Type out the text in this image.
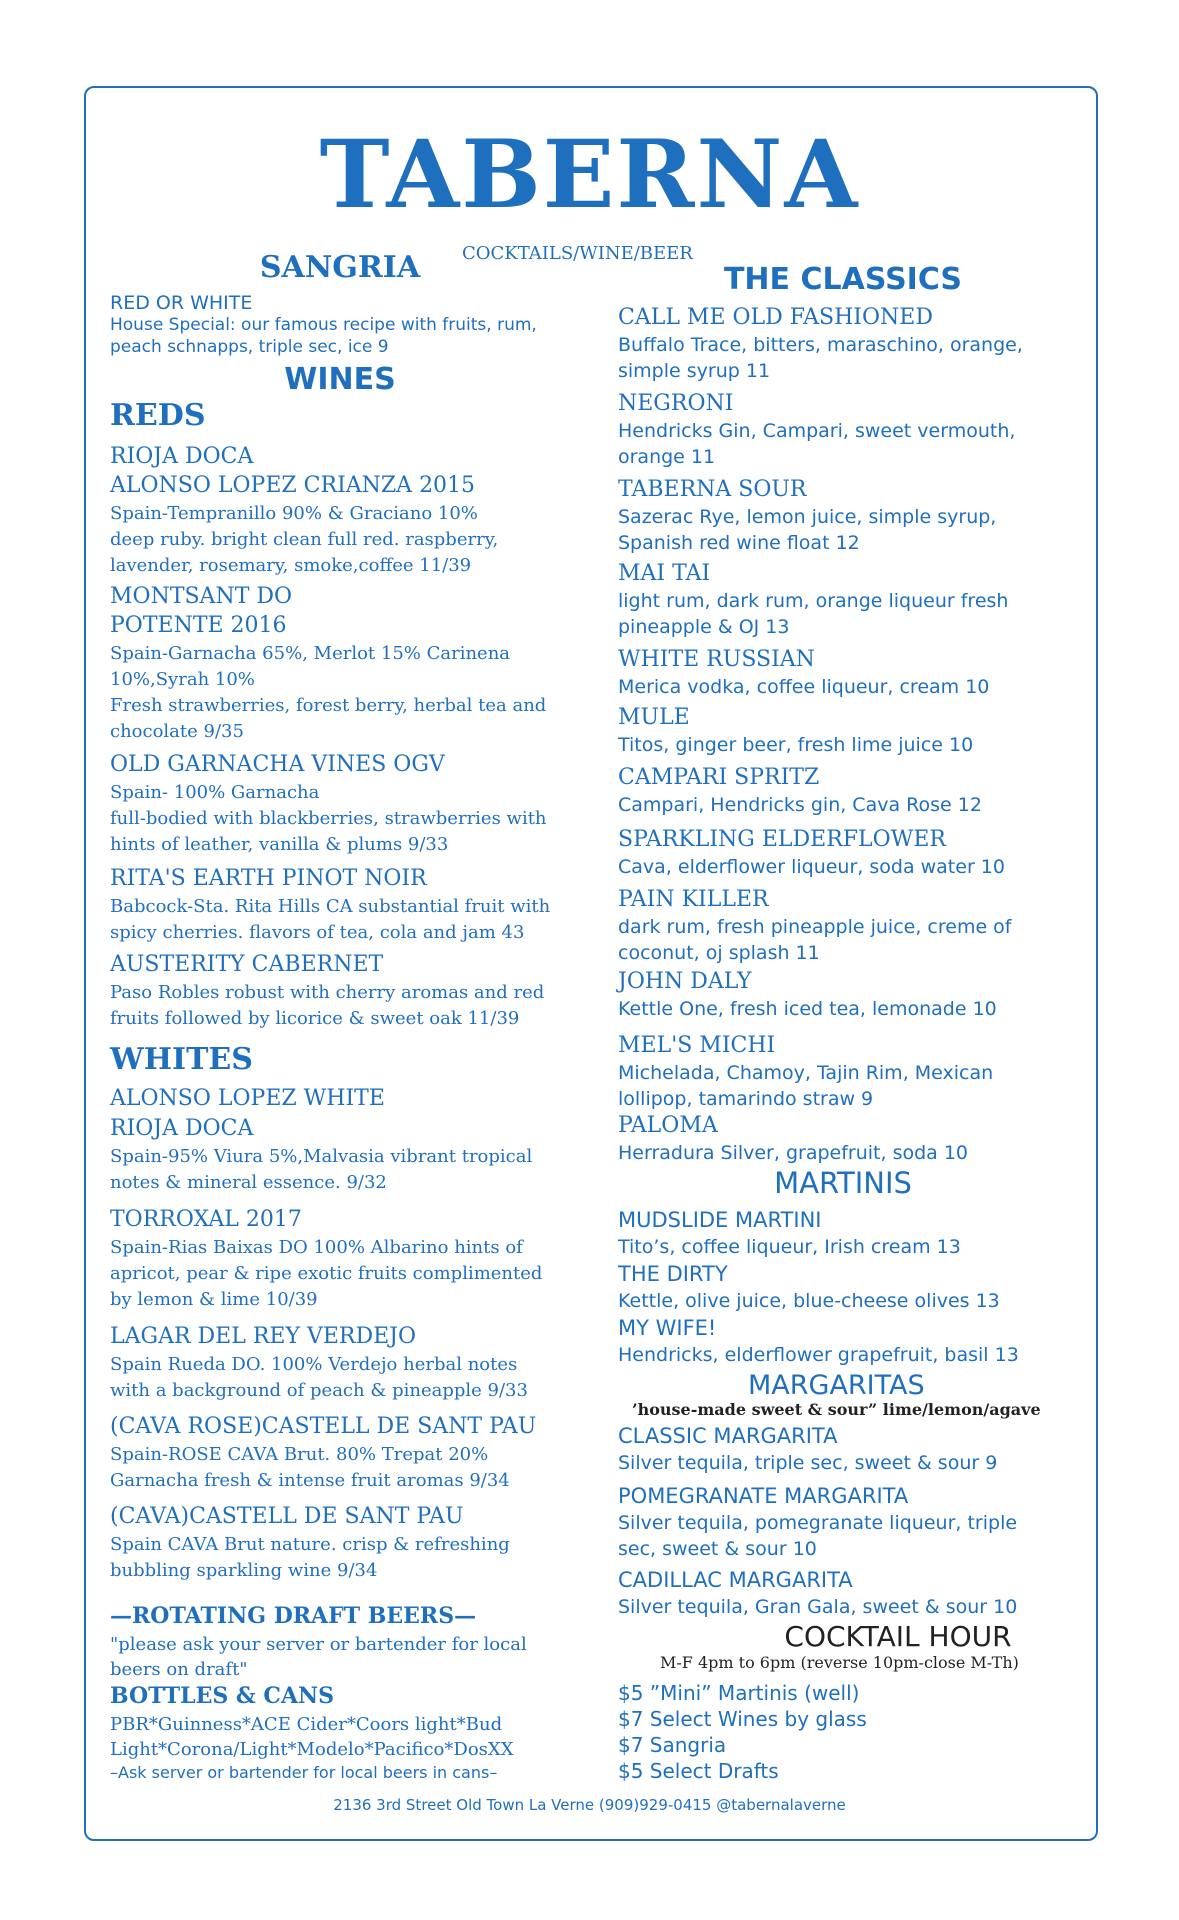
TABERNA
COCKTAILS/WINE/BEER
SANGRIA
RED OR WHITE
House Special: our famous recipe with fruits, rum,
peach schnapps, triple sec, ice 9
WINES
REDS
RIOJA DOCA
ALONSO LOPEZ CRIANZA 2015
Spain-Tempranillo 90% & Graciano 10%
deep ruby. bright clean full red. raspberry,
lavender, rosemary, smoke,coffee 11/39
MONTSANT DO
POTENTE 2016
Spain-Garnacha 65%, Merlot 15% Carinena
10%,Syrah 10%
Fresh strawberries, forest berry, herbal tea and
chocolate 9/35
OLD GARNACHA VINES OGV
Spain- 100% Garnacha
full-bodied with blackberries, strawberries with
hints of leather, vanilla & plums 9/33
RITA'S EARTH PINOT NOIR
Babcock-Sta. Rita Hills CA substantial fruit with
spicy cherries. flavors of tea, cola and jam 43
AUSTERITY CABERNET
Paso Robles robust with cherry aromas and red
fruits followed by licorice & sweet oak 11/39
WHITES
ALONSO LOPEZ WHITE
RIOJA DOCA
Spain-95% Viura 5%,Malvasia vibrant tropical
notes & mineral essence. 9/32
TORROXAL 2017
Spain-Rias Baixas DO 100% Albarino hints of
apricot, pear & ripe exotic fruits complimented
by lemon & lime 10/39
LAGAR DEL REY VERDEJO
Spain Rueda DO. 100% Verdejo herbal notes
with a background of peach & pineapple 9/33
(CAVA ROSE)CASTELL DE SANT PAU
Spain-ROSE CAVA Brut. 80% Trepat 20%
Garnacha fresh & intense fruit aromas 9/34
(CAVA)CASTELL DE SANT PAU
Spain CAVA Brut nature. crisp & refreshing
bubbling sparkling wine 9/34
—ROTATING DRAFT BEERS—
"please ask your server or bartender for local
beers on draft"
BOTTLES & CANS
PBR*Guinness*ACE Cider*Coors light*Bud
Light*Corona/Light*Modelo*Pacifico*DosXX
–Ask server or bartender for local beers in cans–
THE CLASSICS
CALL ME OLD FASHIONED
Buffalo Trace, bitters, maraschino, orange,
simple syrup 11
NEGRONI
Hendricks Gin, Campari, sweet vermouth,
orange 11
TABERNA SOUR
Sazerac Rye, lemon juice, simple syrup,
Spanish red wine float 12
MAI TAI
light rum, dark rum, orange liqueur fresh
pineapple & OJ 13
WHITE RUSSIAN
Merica vodka, coffee liqueur, cream 10
MULE
Titos, ginger beer, fresh lime juice 10
CAMPARI SPRITZ
Campari, Hendricks gin, Cava Rose 12
SPARKLING ELDERFLOWER
Cava, elderflower liqueur, soda water 10
PAIN KILLER
dark rum, fresh pineapple juice, creme of
coconut, oj splash 11
JOHN DALY
Kettle One, fresh iced tea, lemonade 10
MEL'S MICHI
Michelada, Chamoy, Tajin Rim, Mexican
lollipop, tamarindo straw 9
PALOMA
Herradura Silver, grapefruit, soda 10
MARTINIS
MUDSLIDE MARTINI
Tito’s, coffee liqueur, Irish cream 13
THE DIRTY
Kettle, olive juice, blue-cheese olives 13
MY WIFE!
Hendricks, elderflower grapefruit, basil 13
MARGARITAS
’house-made sweet & sour” lime/lemon/agave
CLASSIC MARGARITA
Silver tequila, triple sec, sweet & sour 9
POMEGRANATE MARGARITA
Silver tequila, pomegranate liqueur, triple
sec, sweet & sour 10
CADILLAC MARGARITA
Silver tequila, Gran Gala, sweet & sour 10
COCKTAIL HOUR
M-F 4pm to 6pm (reverse 10pm-close M-Th)
$5 ”Mini” Martinis (well)
$7 Select Wines by glass
$7 Sangria
$5 Select Drafts
2136 3rd Street Old Town La Verne (909)929-0415 @tabernalaverne
